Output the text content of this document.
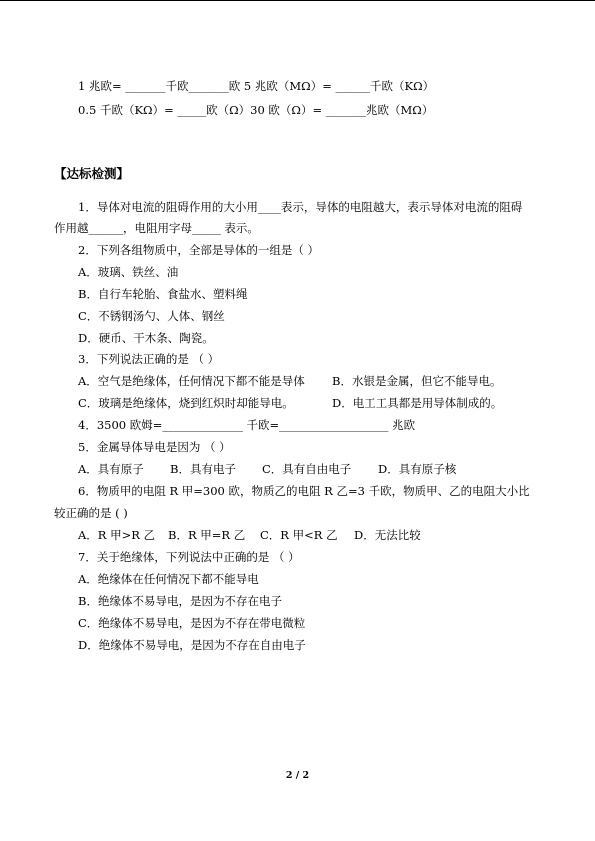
1 兆欧= _______千欧_______欧 5 兆欧（MΩ）= ______千欧（KΩ）
0.5 千欧（KΩ）= _____欧（Ω）30 欧（Ω）= _______兆欧（MΩ）
【达标检测】
1．导体对电流的阻碍作用的大小用____表示，导体的电阻越大，表示导体对电流的阻碍
作用越______，电阻用字母_____ 表示。
2．下列各组物质中，全部是导体的一组是（ ）
A．玻璃、铁丝、油
B．自行车轮胎、食盐水、塑料绳
C．不锈钢汤勺、人体、钢丝
D．硬币、干木条、陶瓷。
3．下列说法正确的是 （ ）
A．空气是绝缘体，任何情况下都不能是导体 B．水银是金属，但它不能导电。
C．玻璃是绝缘体，烧到红炽时却能导电。	D．电工工具都是用导体制成的。
4．3500 欧姆=______________ 千欧=___________________ 兆欧
5．金属导体导电是因为 （ ）
A．具有原子 B．具有电子 C．具有自由电子 D．具有原子核
6．物质甲的电阻 R 甲=300 欧，物质乙的电阻 R 乙=3 千欧，物质甲、乙的电阻大小比
较正确的是 ( )
A．R 甲>R 乙 B．R 甲=R 乙 C．R 甲<R 乙 D．无法比较
7．关于绝缘体，下列说法中正确的是 （ ）
A．绝缘体在任何情况下都不能导电
B．绝缘体不易导电，是因为不存在电子
C．绝缘体不易导电，是因为不存在带电微粒
D．绝缘体不易导电，是因为不存在自由电子
2 / 2
